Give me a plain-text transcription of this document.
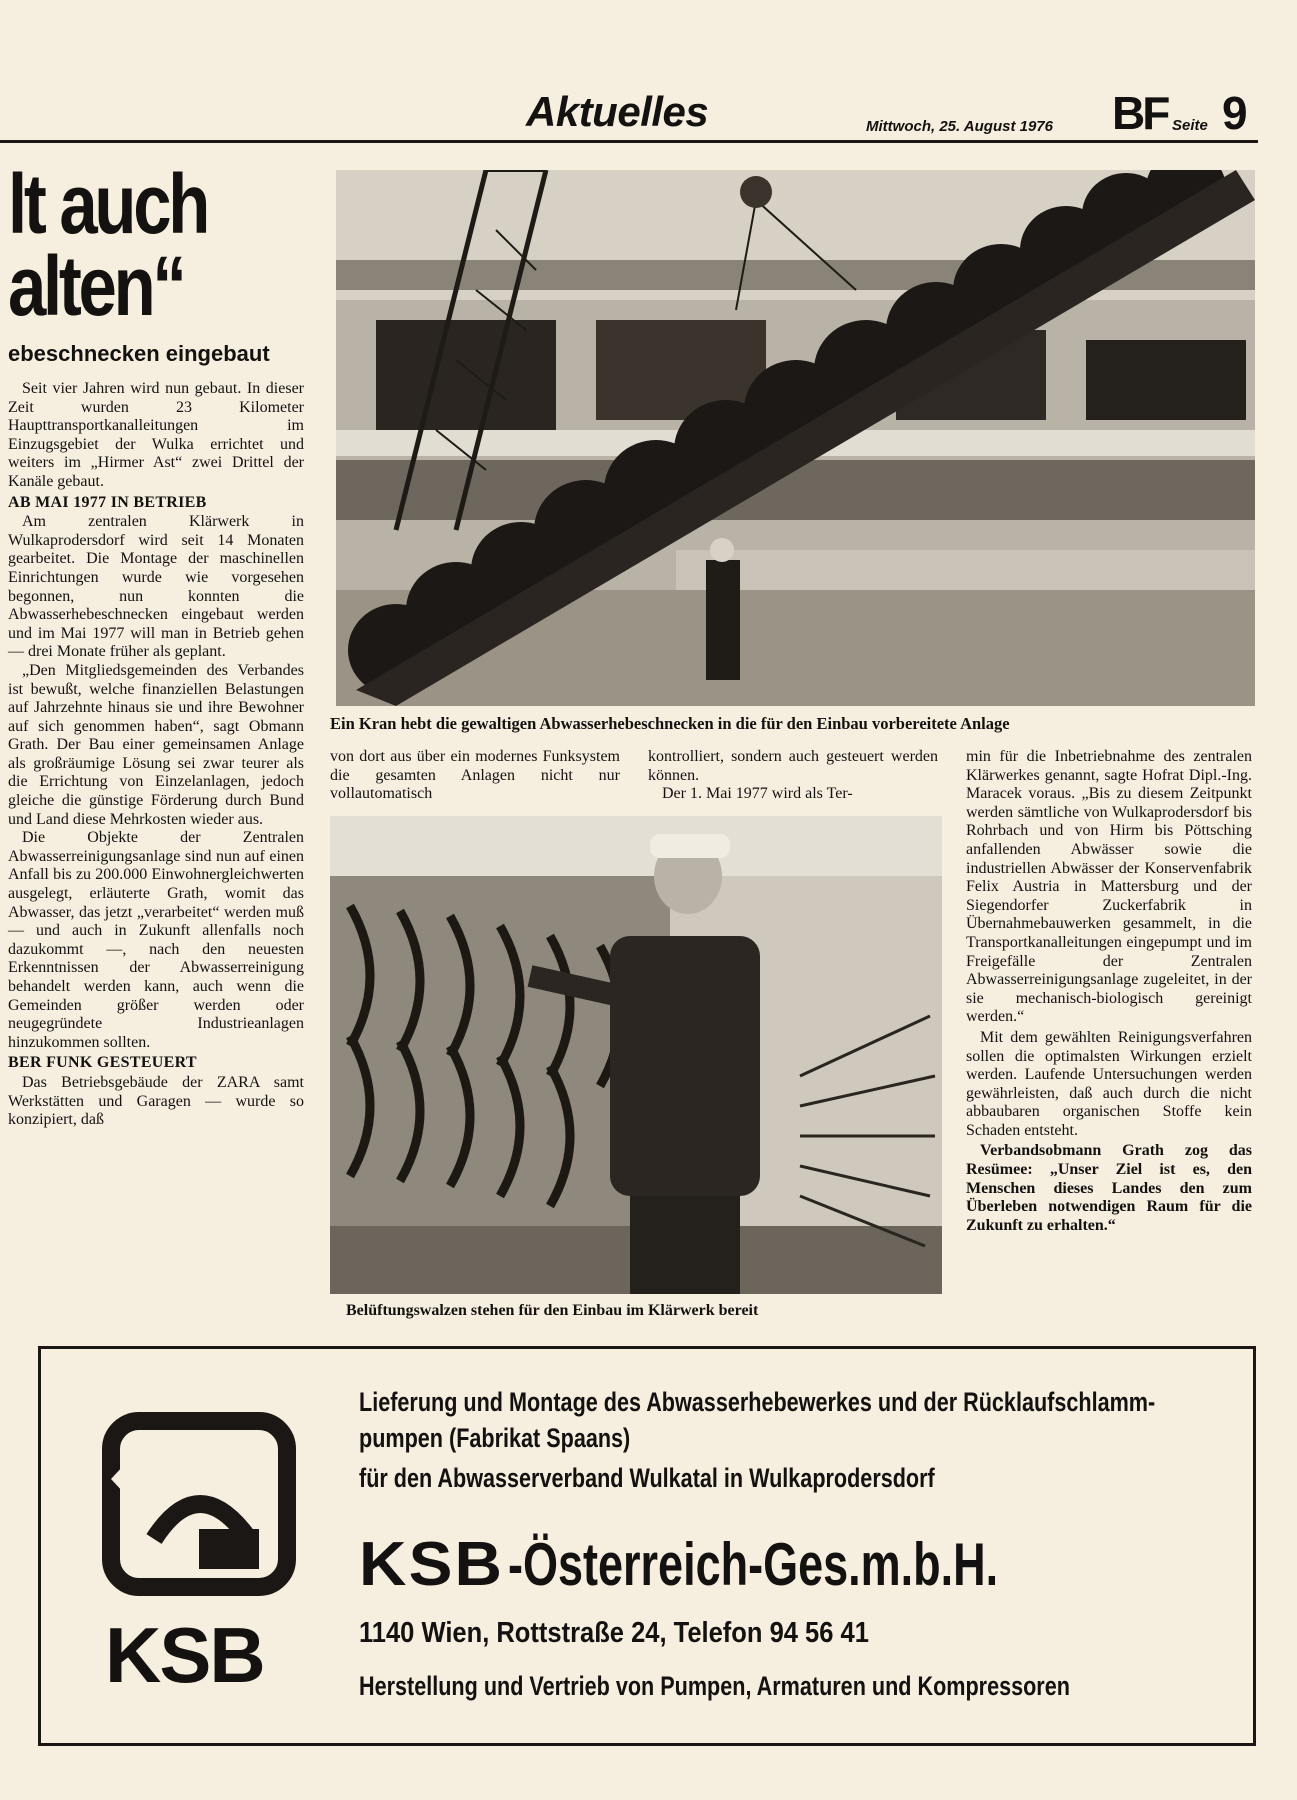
Aktuelles	Mittwoch, 25. August 1976 BF Seite 9
lt auch
alten“
ebeschnecken eingebaut

Seit vier Jahren wird nun gebaut. In dieser Zeit wurden 23 Kilometer Haupttransportkanalleitungen im Einzugsgebiet der Wulka errichtet und weiters im „Hirmer Ast“ zwei Drittel der Kanäle gebaut.

AB MAI 1977 IN BETRIEB

Am zentralen Klärwerk in Wulkaprodersdorf wird seit 14 Monaten gearbeitet. Die Montage der maschinellen Einrichtungen wurde wie vorgesehen begonnen, nun konnten die Abwasserhebeschnecken eingebaut werden und im Mai 1977 will man in Betrieb gehen — drei Monate früher als geplant.

„Den Mitgliedsgemeinden des Verbandes ist bewußt, welche finanziellen Belastungen auf Jahrzehnte hinaus sie und ihre Bewohner auf sich genommen haben“, sagt Obmann Grath. Der Bau einer gemeinsamen Anlage als großräumige Lösung sei zwar teurer als die Errichtung von Einzelanlagen, jedoch gleiche die günstige Förderung durch Bund und Land diese Mehrkosten wieder aus.

Die Objekte der Zentralen Abwasserreinigungsanlage sind nun auf einen Anfall bis zu 200.000 Einwohnergleichwerten ausgelegt, erläuterte Grath, womit das Abwasser, das jetzt „verarbeitet“ werden muß — und auch in Zukunft allenfalls noch dazukommt —, nach den neuesten Erkenntnissen der Abwasserreinigung behandelt werden kann, auch wenn die Gemeinden größer werden oder neugegründete Industrieanlagen hinzukommen sollten.

BER FUNK GESTEUERT

Das Betriebsgebäude der ZARA samt Werkstätten und Garagen — wurde so konzipiert, daß

Ein Kran hebt die gewaltigen Abwasserhebeschnecken in die für den Einbau vorbereitete Anlage

von dort aus über ein modernes Funksystem die gesamten Anlagen nicht nur vollautomatisch

kontrolliert, sondern auch gesteuert werden können.

Der 1. Mai 1977 wird als Ter-

Belüftungswalzen stehen für den Einbau im Klärwerk bereit

min für die Inbetriebnahme des zentralen Klärwerkes genannt, sagte Hofrat Dipl.-Ing. Maracek voraus. „Bis zu diesem Zeitpunkt werden sämtliche von Wulkaprodersdorf bis Rohrbach und von Hirm bis Pöttsching anfallenden Abwässer sowie die industriellen Abwässer der Konservenfabrik Felix Austria in Mattersburg und der Siegendorfer Zuckerfabrik in Übernahmebauwerken gesammelt, in die Transportkanalleitungen eingepumpt und im Freigefälle der Zentralen Abwasserreinigungsanlage zugeleitet, in der sie mechanisch-biologisch gereinigt werden.“

Mit dem gewählten Reinigungsverfahren sollen die optimalsten Wirkungen erzielt werden. Laufende Untersuchungen werden gewährleisten, daß auch durch die nicht abbaubaren organischen Stoffe kein Schaden entsteht.

Verbandsobmann Grath zog das Resümee: „Unser Ziel ist es, den Menschen dieses Landes den zum Überleben notwendigen Raum für die Zukunft zu erhalten.“

KSB
Lieferung und Montage des Abwasserhebewerkes und der Rücklaufschlamm-
pumpen (Fabrikat Spaans)
für den Abwasserverband Wulkatal in Wulkaprodersdorf
KSB-Österreich-Ges.m.b.H.
1140 Wien, Rottstraße 24, Telefon 94 56 41
Herstellung und Vertrieb von Pumpen, Armaturen und Kompressoren
